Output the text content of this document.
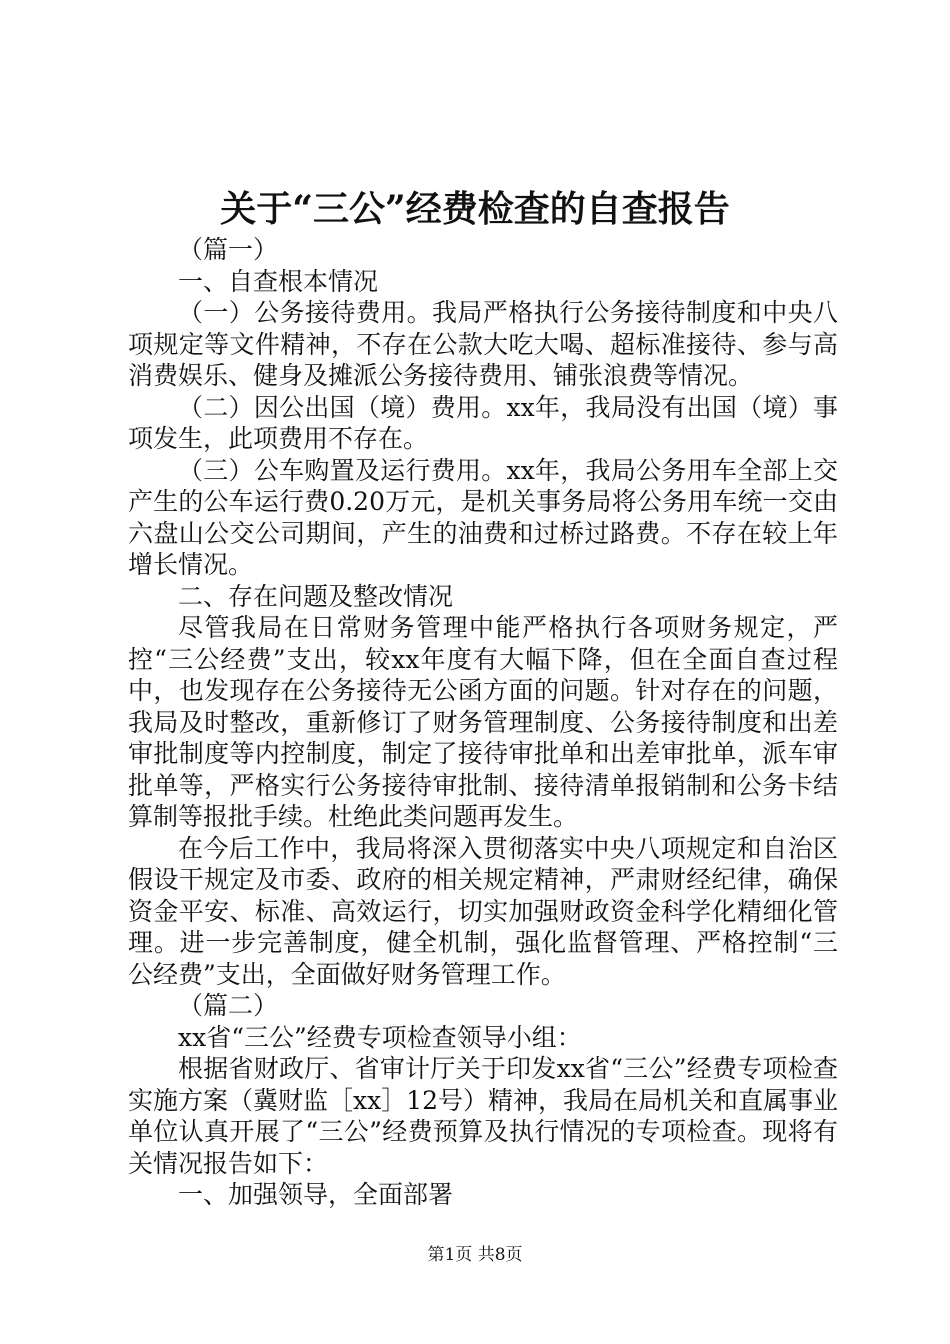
关于“三公”经费检查的自查报告

（篇一）

一、自查根本情况

（一）公务接待费用。我局严格执行公务接待制度和中央八项规定等文件精神，不存在公款大吃大喝、超标准接待、参与高消费娱乐、健身及摊派公务接待费用、铺张浪费等情况。

（二）因公出国（境）费用。xx年，我局没有出国（境）事项发生，此项费用不存在。

（三）公车购置及运行费用。xx年，我局公务用车全部上交产生的公车运行费0.20万元，是机关事务局将公务用车统一交由六盘山公交公司期间，产生的油费和过桥过路费。不存在较上年增长情况。

二、存在问题及整改情况

尽管我局在日常财务管理中能严格执行各项财务规定，严控“三公经费”支出，较xx年度有大幅下降，但在全面自查过程中，也发现存在公务接待无公函方面的问题。针对存在的问题，我局及时整改，重新修订了财务管理制度、公务接待制度和出差审批制度等内控制度，制定了接待审批单和出差审批单，派车审批单等，严格实行公务接待审批制、接待清单报销制和公务卡结算制等报批手续。杜绝此类问题再发生。

在今后工作中，我局将深入贯彻落实中央八项规定和自治区假设干规定及市委、政府的相关规定精神，严肃财经纪律，确保资金平安、标准、高效运行，切实加强财政资金科学化精细化管理。进一步完善制度，健全机制，强化监督管理、严格控制“三公经费”支出，全面做好财务管理工作。

（篇二）

xx省“三公”经费专项检查领导小组：

根据省财政厅、省审计厅关于印发xx省“三公”经费专项检查实施方案（冀财监［xx］12号）精神，我局在局机关和直属事业单位认真开展了“三公”经费预算及执行情况的专项检查。现将有关情况报告如下：

一、加强领导，全面部署

第1页 共8页
